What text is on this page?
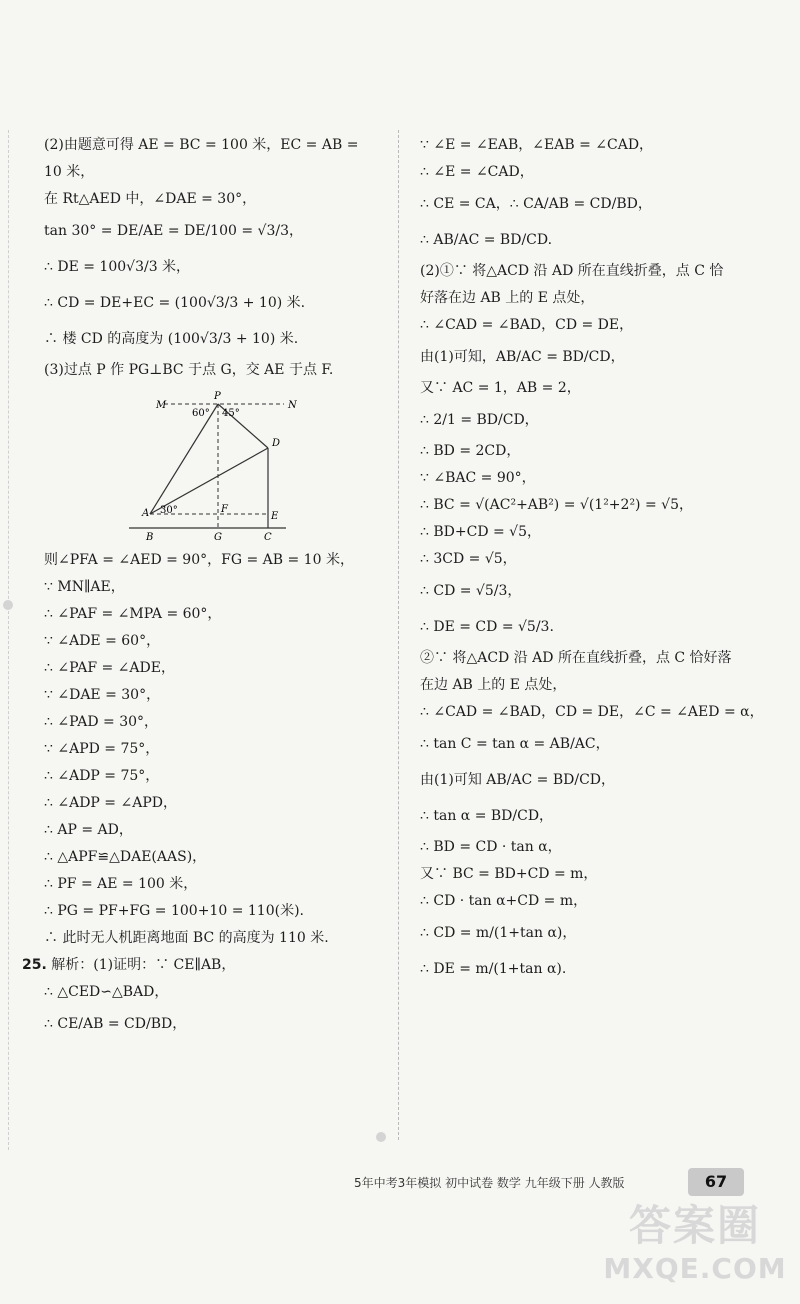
(2)由题意可得 AE = BC = 100 米，EC = AB =
10 米，
在 Rt△AED 中，∠DAE = 30°，
tan 30° = DE/AE = DE/100 = √3/3，
∴ DE = 100√3/3 米，
∴ CD = DE+EC = (100√3/3 + 10) 米.
∴ 楼 CD 的高度为 (100√3/3 + 10) 米.
(3)过点 P 作 PG⊥BC 于点 G，交 AE 于点 F.
M
P
N
60° 45°
D
A 30°	F
E
B	G	C
则∠PFA = ∠AED = 90°，FG = AB = 10 米，
∵ MN∥AE，
∴ ∠PAF = ∠MPA = 60°，
∵ ∠ADE = 60°，
∴ ∠PAF = ∠ADE，
∵ ∠DAE = 30°，
∴ ∠PAD = 30°，
∵ ∠APD = 75°，
∴ ∠ADP = 75°，
∴ ∠ADP = ∠APD，
∴ AP = AD，
∴ △APF≌△DAE(AAS)，
∴ PF = AE = 100 米，
∴ PG = PF+FG = 100+10 = 110(米).
∴ 此时无人机距离地面 BC 的高度为 110 米.
25. 解析：(1)证明：∵ CE∥AB，
∴ △CED∽△BAD，
∴ CE/AB = CD/BD，
∵ ∠E = ∠EAB，∠EAB = ∠CAD，
∴ ∠E = ∠CAD，
∴ CE = CA，∴ CA/AB = CD/BD，
∴ AB/AC = BD/CD.
(2)①∵ 将△ACD 沿 AD 所在直线折叠，点 C 恰
好落在边 AB 上的 E 点处，
∴ ∠CAD = ∠BAD，CD = DE，
由(1)可知，AB/AC = BD/CD，
又∵ AC = 1，AB = 2，
∴ 2/1 = BD/CD，
∴ BD = 2CD，
∵ ∠BAC = 90°，
∴ BC = √(AC²+AB²) = √(1²+2²) = √5，
∴ BD+CD = √5，
∴ 3CD = √5，
∴ CD = √5/3，
∴ DE = CD = √5/3.
②∵ 将△ACD 沿 AD 所在直线折叠，点 C 恰好落
在边 AB 上的 E 点处，
∴ ∠CAD = ∠BAD，CD = DE，∠C = ∠AED = α，
∴ tan C = tan α = AB/AC，
由(1)可知 AB/AC = BD/CD，
∴ tan α = BD/CD，
∴ BD = CD · tan α，
又∵ BC = BD+CD = m，
∴ CD · tan α+CD = m，
∴ CD = m/(1+tan α)，
∴ DE = m/(1+tan α).
5年中考3年模拟 初中试卷 数学 九年级下册 人教版	67
答案圈
MXQE.COM
